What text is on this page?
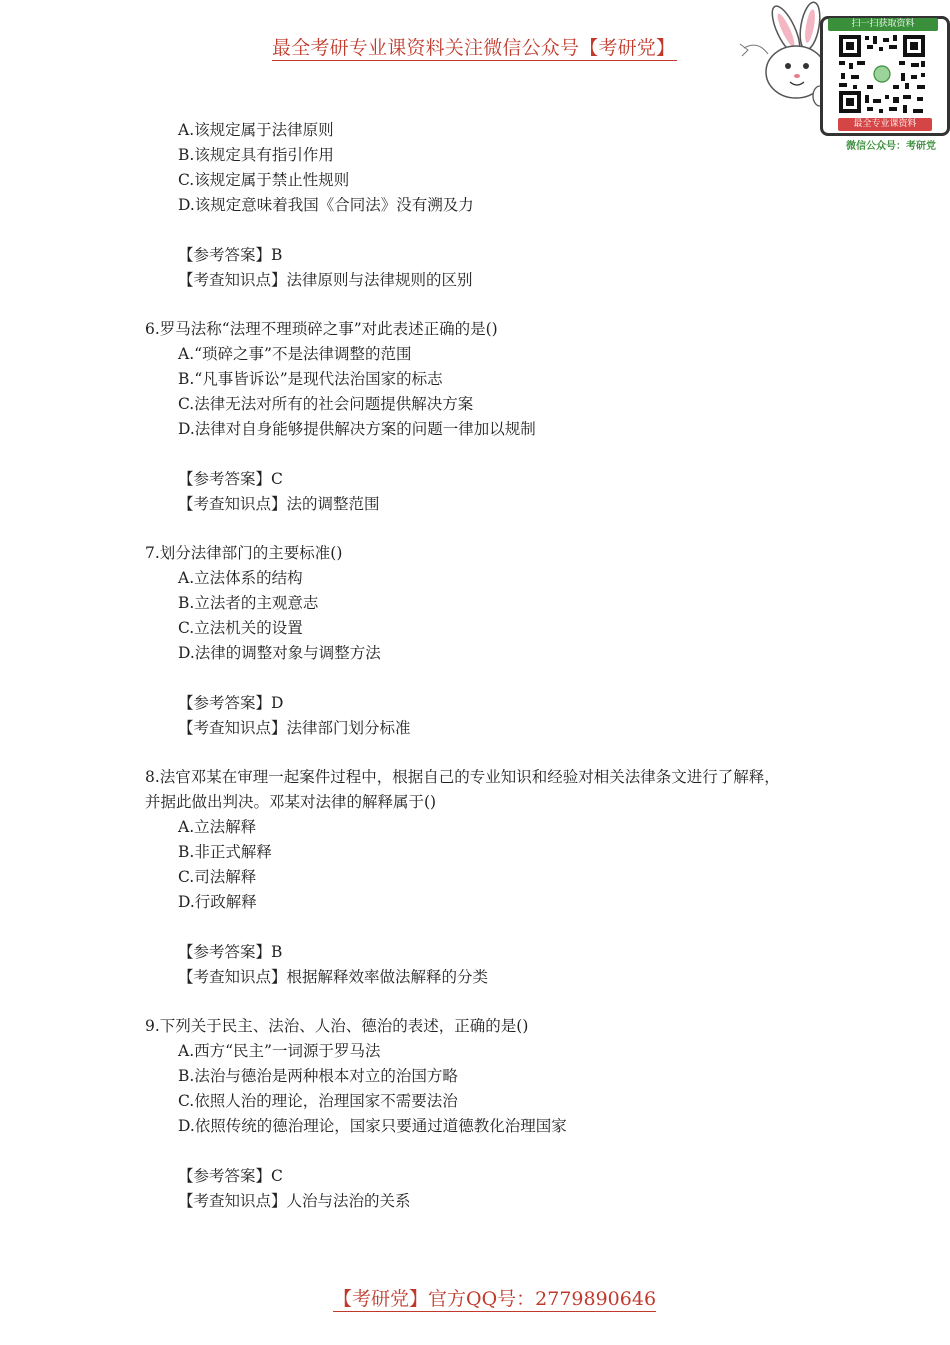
最全考研专业课资料关注微信公众号【考研党】
扫一扫获取资料
最全专业课资料
微信公众号：考研党
A.该规定属于法律原则
B.该规定具有指引作用
C.该规定属于禁止性规则
D.该规定意味着我国《合同法》没有溯及力
【参考答案】B
【考查知识点】法律原则与法律规则的区别
6.罗马法称“法理不理琐碎之事”对此表述正确的是()
A.“琐碎之事”不是法律调整的范围
B.“凡事皆诉讼”是现代法治国家的标志
C.法律无法对所有的社会问题提供解决方案
D.法律对自身能够提供解决方案的问题一律加以规制
【参考答案】C
【考查知识点】法的调整范围
7.划分法律部门的主要标准()
A.立法体系的结构
B.立法者的主观意志
C.立法机关的设置
D.法律的调整对象与调整方法
【参考答案】D
【考查知识点】法律部门划分标准
8.法官邓某在审理一起案件过程中，根据自己的专业知识和经验对相关法律条文进行了解释，
并据此做出判决。邓某对法律的解释属于()
A.立法解释
B.非正式解释
C.司法解释
D.行政解释
【参考答案】B
【考查知识点】根据解释效率做法解释的分类
9.下列关于民主、法治、人治、德治的表述，正确的是()
A.西方“民主”一词源于罗马法
B.法治与德治是两种根本对立的治国方略
C.依照人治的理论，治理国家不需要法治
D.依照传统的德治理论，国家只要通过道德教化治理国家
【参考答案】C
【考查知识点】人治与法治的关系
【考研党】官方QQ号：2779890646
